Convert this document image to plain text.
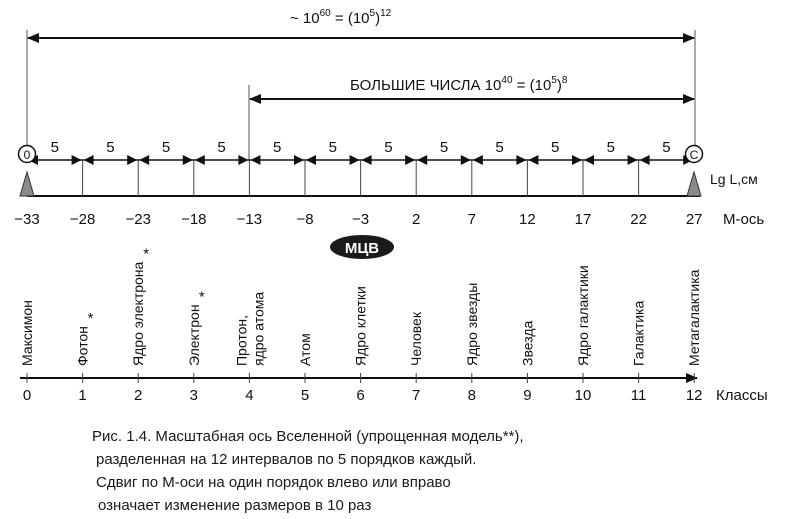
~ $10^{60} = (10^5)^{12}$
БОЛЬШИЕ ЧИСЛА $10^{40} = (10^5)^8$
5	5	5	5	5	5	5	5	5	5	5	5
−33 −28 −23 −18 −13 −8	−3	2	7	12	17	22	27
0	C
Lg L,см
М-ось
МЦВ
Максимон	Фотон	Ядро электрона	Электрон Протон, ядро атома Атом	Ядро клетки	Человек	Ядро звезды	Звезда	Ядро галактики	Галактика	Метагалактика
*
*
*
0	1	2	3	4	5	6	7	8	9	10	11	12 Классы
Рис. 1.4. Масштабная ось Вселенной (упрощенная модель**),
разделенная на 12 интервалов по 5 порядков каждый.
Сдвиг по М-оси на один порядок влево или вправо
означает изменение размеров в 10 раз
